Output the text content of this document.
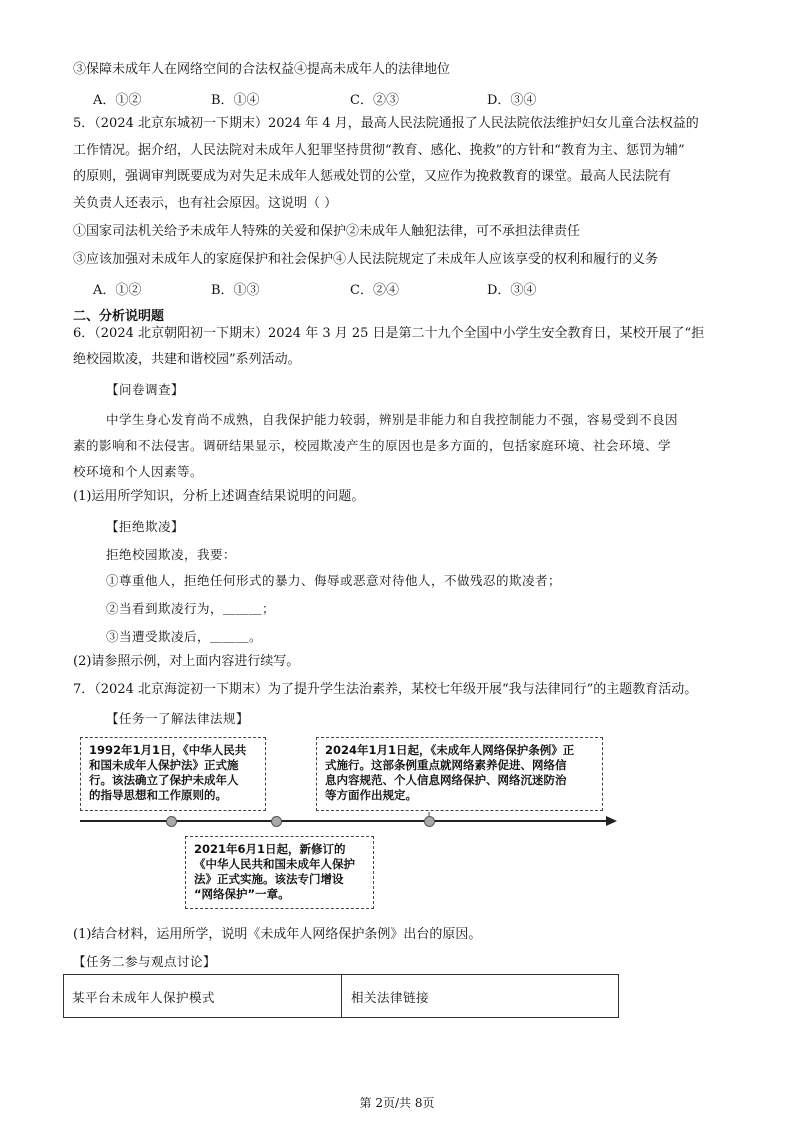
③保障未成年人在网络空间的合法权益④提高未成年人的法律地位
A．①②	B．①④	C．②③	D．③④
5．（2024 北京东城初一下期末）2024 年 4 月，最高人民法院通报了人民法院依法维护妇女儿童合法权益的
工作情况。据介绍，人民法院对未成年人犯罪坚持贯彻“教育、感化、挽救”的方针和“教育为主、惩罚为辅”
的原则，强调审判既要成为对失足未成年人惩戒处罚的公堂，又应作为挽救教育的课堂。最高人民法院有
关负责人还表示，也有社会原因。这说明（ ）
①国家司法机关给予未成年人特殊的关爱和保护②未成年人触犯法律，可不承担法律责任
③应该加强对未成年人的家庭保护和社会保护④人民法院规定了未成年人应该享受的权利和履行的义务
A．①②	B．①③	C．②④	D．③④
二、分析说明题
6．（2024 北京朝阳初一下期末）2024 年 3 月 25 日是第二十九个全国中小学生安全教育日，某校开展了“拒
绝校园欺凌，共建和谐校园”系列活动。
【问卷调查】
中学生身心发育尚不成熟，自我保护能力较弱，辨别是非能力和自我控制能力不强，容易受到不良因
素的影响和不法侵害。调研结果显示，校园欺凌产生的原因也是多方面的，包括家庭环境、社会环境、学
校环境和个人因素等。
(1)运用所学知识，分析上述调查结果说明的问题。
【拒绝欺凌】
拒绝校园欺凌，我要：
①尊重他人，拒绝任何形式的暴力、侮辱或恶意对待他人，不做残忍的欺凌者；
②当看到欺凌行为，＿＿＿；
③当遭受欺凌后，＿＿＿。
(2)请参照示例，对上面内容进行续写。
7．（2024 北京海淀初一下期末）为了提升学生法治素养，某校七年级开展“我与法律同行”的主题教育活动。
【任务一了解法律法规】
1992年1月1日，《中华人民共
和国未成年人保护法》正式施
行。该法确立了保护未成年人
的指导思想和工作原则的。
2024年1月1日起，《未成年人网络保护条例》正
式施行。这部条例重点就网络素养促进、网络信
息内容规范、个人信息网络保护、网络沉迷防治
等方面作出规定。
2021年6月1日起，新修订的
《中华人民共和国未成年人保护
法》正式实施。该法专门增设
“网络保护”一章。
(1)结合材料，运用所学，说明《未成年人网络保护条例》出台的原因。
【任务二参与观点讨论】
某平台未成年人保护模式	相关法律链接
第 2页/共 8页
